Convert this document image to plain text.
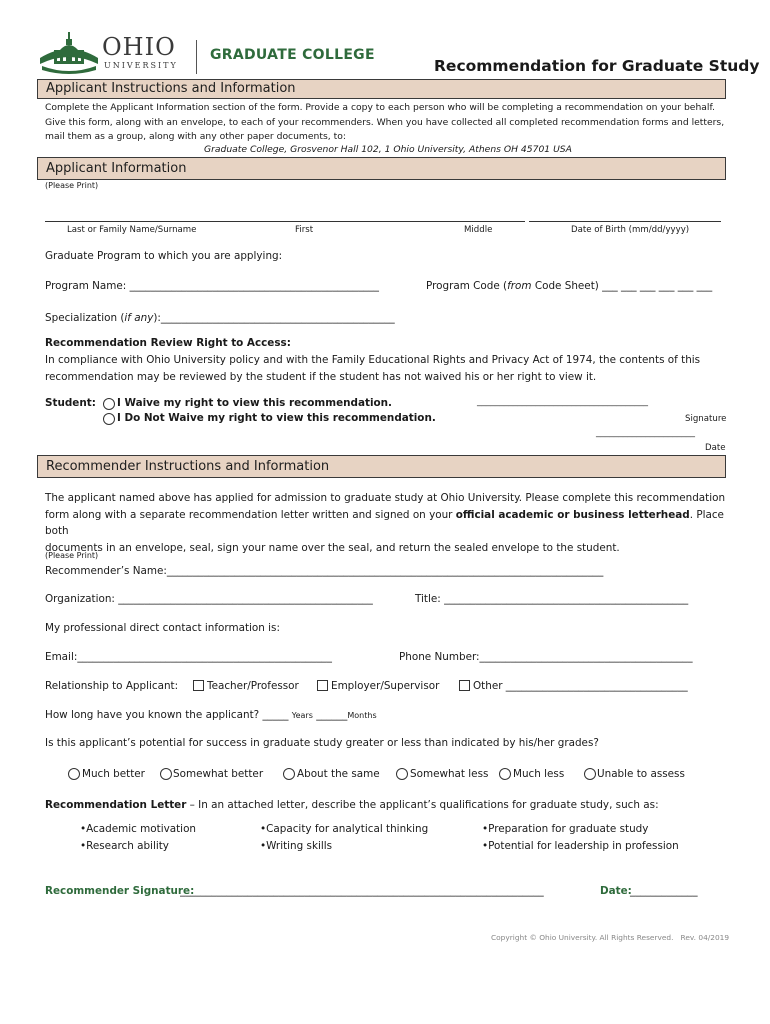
OHIO
UNIVERSITY
GRADUATE COLLEGE
Recommendation for Graduate Study
Applicant Instructions and Information
Complete the Applicant Information section of the form. Provide a copy to each person who will be completing a recommendation on your behalf.
Give this form, along with an envelope, to each of your recommenders. When you have collected all completed recommendation forms and letters,
mail them as a group, along with any other paper documents, to:
Graduate College, Grosvenor Hall 102, 1 Ohio University, Athens OH 45701 USA
Applicant Information
(Please Print)
Last or Family Name/Surname	First	Middle	Date of Birth (mm/dd/yyyy)
Graduate Program to which you are applying:
Program Name: ________________________________________________	Program Code (from Code Sheet) ___ ___ ___ ___ ___ ___
Specialization (if any):_____________________________________________
Recommendation Review Right to Access:
In compliance with Ohio University policy and with the Family Educational Rights and Privacy Act of 1974, the contents of this
recommendation may be reviewed by the student if the student has not waived his or her right to view it.
Student: I Waive my right to view this recommendation.
I Do Not Waive my right to view this recommendation.
______________________________________
Signature
______________________
Date
Recommender Instructions and Information
The applicant named above has applied for admission to graduate study at Ohio University. Please complete this recommendation
form along with a separate recommendation letter written and signed on your official academic or business letterhead. Place both
documents in an envelope, seal, sign your name over the seal, and return the sealed envelope to the student.
(Please Print)
Recommender’s Name:____________________________________________________________________________________
Organization: _________________________________________________	Title: _______________________________________________
My professional direct contact information is:
Email:_________________________________________________	Phone Number:_________________________________________
Relationship to Applicant:	Teacher/Professor	Employer/Supervisor	Other ___________________________________
How long have you known the applicant? _____ Years ______Months
Is this applicant’s potential for success in graduate study greater or less than indicated by his/her grades?
Much better	Somewhat better	About the same	Somewhat less Much less	Unable to assess
Recommendation Letter – In an attached letter, describe the applicant’s qualifications for graduate study, such as:
•Academic motivation
•Research ability
•Capacity for analytical thinking
•Writing skills
•Preparation for graduate study
•Potential for leadership in profession
Recommender Signature:
______________________________________________________________________	Date:
_____________
Copyright © Ohio University. All Rights Reserved.   Rev. 04/2019
